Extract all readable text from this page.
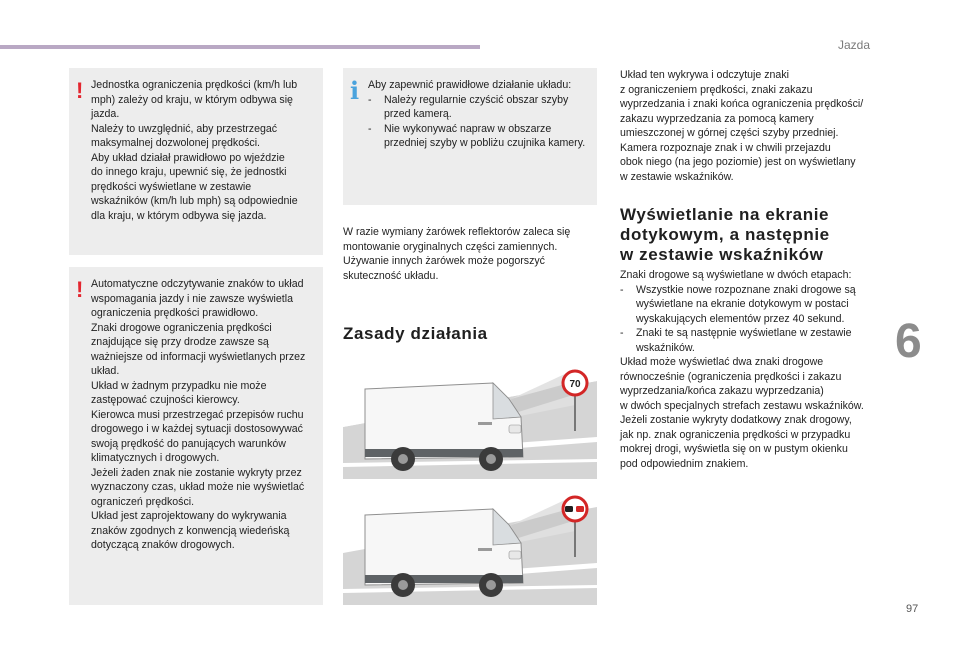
Jazda
6
97
! Jednostka ograniczenia prędkości (km/h lub
mph) zależy od kraju, w którym odbywa się
jazda.
Należy to uwzględnić, aby przestrzegać
maksymalnej dozwolonej prędkości.
Aby układ działał prawidłowo po wjeździe
do innego kraju, upewnić się, że jednostki
prędkości wyświetlane w zestawie
wskaźników (km/h lub mph) są odpowiednie
dla kraju, w którym odbywa się jazda.

! Automatyczne odczytywanie znaków to układ
wspomagania jazdy i nie zawsze wyświetla
ograniczenia prędkości prawidłowo.
Znaki drogowe ograniczenia prędkości
znajdujące się przy drodze zawsze są
ważniejsze od informacji wyświetlanych przez
układ.
Układ w żadnym przypadku nie może
zastępować czujności kierowcy.
Kierowca musi przestrzegać przepisów ruchu
drogowego i w każdej sytuacji dostosowywać
swoją prędkość do panujących warunków
klimatycznych i drogowych.
Jeżeli żaden znak nie zostanie wykryty przez
wyznaczony czas, układ może nie wyświetlać
ograniczeń prędkości.
Układ jest zaprojektowany do wykrywania
znaków zgodnych z konwencją wiedeńską
dotyczącą znaków drogowych.

i Aby zapewnić prawidłowe działanie układu:

- Należy regularnie czyścić obszar szyby
przed kamerą.
- Nie wykonywać napraw w obszarze
przedniej szyby w pobliżu czujnika kamery.

W razie wymiany żarówek reflektorów zaleca się
montowanie oryginalnych części zamiennych.
Używanie innych żarówek może pogorszyć
skuteczność układu.

Zasady działania
70

Układ ten wykrywa i odczytuje znaki
z ograniczeniem prędkości, znaki zakazu
wyprzedzania i znaki końca ograniczenia prędkości/
zakazu wyprzedzania za pomocą kamery
umieszczonej w górnej części szyby przedniej.
Kamera rozpoznaje znak i w chwili przejazdu
obok niego (na jego poziomie) jest on wyświetlany
w zestawie wskaźników.

Wyświetlanie na ekranie
dotykowym, a następnie
w zestawie wskaźników
Znaki drogowe są wyświetlane w dwóch etapach:
- Wszystkie nowe rozpoznane znaki drogowe są
wyświetlane na ekranie dotykowym w postaci
wyskakujących elementów przez 40 sekund.
- Znaki te są następnie wyświetlane w zestawie
wskaźników.
Układ może wyświetlać dwa znaki drogowe
równocześnie (ograniczenia prędkości i zakazu
wyprzedzania/końca zakazu wyprzedzania)
w dwóch specjalnych strefach zestawu wskaźników.
Jeżeli zostanie wykryty dodatkowy znak drogowy,
jak np. znak ograniczenia prędkości w przypadku
mokrej drogi, wyświetla się on w pustym okienku
pod odpowiednim znakiem.
